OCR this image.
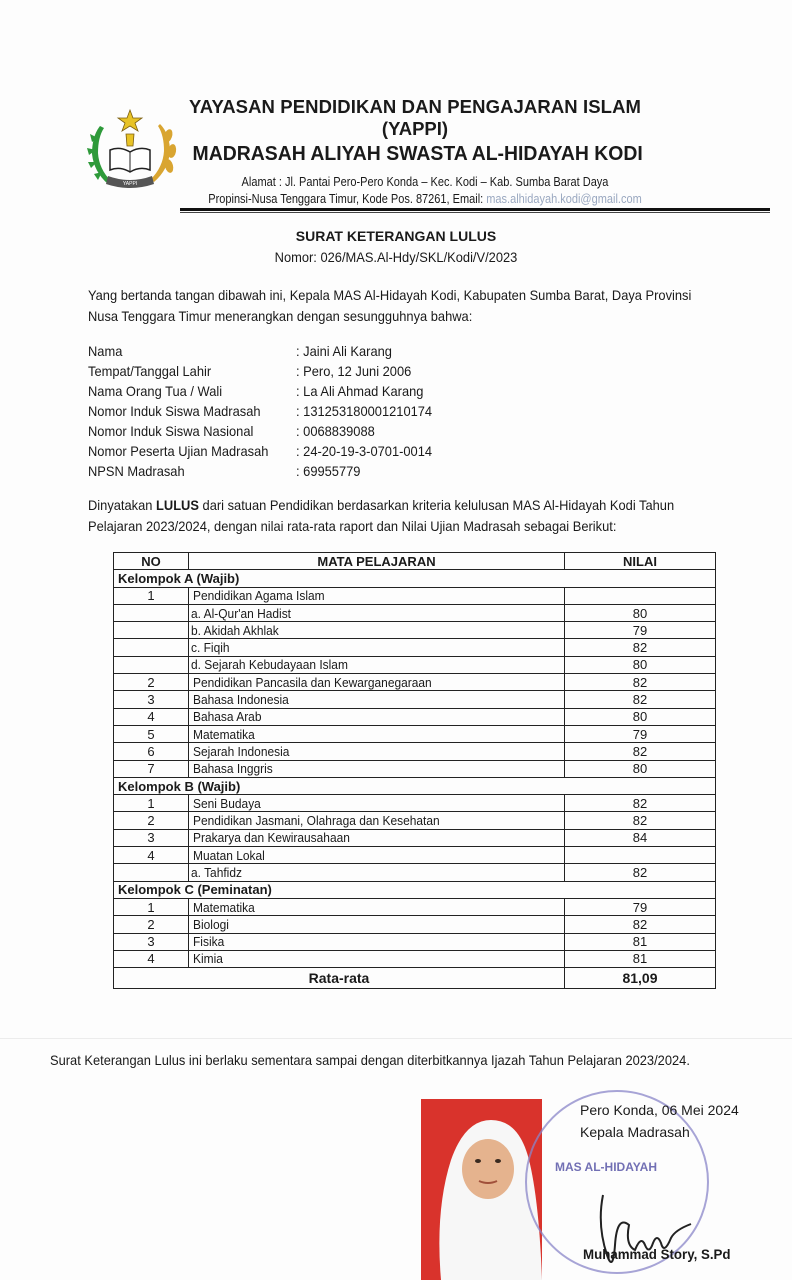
YAPPI
YAYASAN PENDIDIKAN DAN PENGAJARAN ISLAM
(YAPPI)
MADRASAH ALIYAH SWASTA AL-HIDAYAH KODI
Alamat : Jl. Pantai Pero-Pero Konda – Kec. Kodi – Kab. Sumba Barat Daya
Propinsi-Nusa Tenggara Timur, Kode Pos. 87261, Email: mas.alhidayah.kodi@gmail.com
SURAT KETERANGAN LULUS
Nomor: 026/MAS.Al-Hdy/SKL/Kodi/V/2023
Yang bertanda tangan dibawah ini, Kepala MAS Al-Hidayah Kodi, Kabupaten Sumba Barat, Daya Provinsi Nusa Tenggara Timur menerangkan dengan sesungguhnya bahwa:
Nama	: Jaini Ali Karang
Tempat/Tanggal Lahir	: Pero, 12 Juni 2006
Nama Orang Tua / Wali	: La Ali Ahmad Karang
Nomor Induk Siswa Madrasah	: 131253180001210174
Nomor Induk Siswa Nasional	: 0068839088
Nomor Peserta Ujian Madrasah	: 24-20-19-3-0701-0014
NPSN Madrasah	: 69955779
Dinyatakan LULUS dari satuan Pendidikan berdasarkan kriteria kelulusan MAS Al-Hidayah Kodi Tahun Pelajaran 2023/2024, dengan nilai rata-rata raport dan Nilai Ujian Madrasah sebagai Berikut:
NO	MATA PELAJARAN	NILAI
Kelompok A (Wajib)		
1	Pendidikan Agama Islam	
	a. Al-Qur'an Hadist	80
	b. Akidah Akhlak	79
	c. Fiqih	82
	d. Sejarah Kebudayaan Islam	80
2	Pendidikan Pancasila dan Kewarganegaraan	82
3	Bahasa Indonesia	82
4	Bahasa Arab	80
5	Matematika	79
6	Sejarah Indonesia	82
7	Bahasa Inggris	80
Kelompok B (Wajib)		
1	Seni Budaya	82
2	Pendidikan Jasmani, Olahraga dan Kesehatan	82
3	Prakarya dan Kewirausahaan	84
4	Muatan Lokal	
	a. Tahfidz	82
Kelompok C (Peminatan)		
1	Matematika	79
2	Biologi	82
3	Fisika	81
4	Kimia	81
Rata-rata		81,09
Surat Keterangan Lulus ini berlaku sementara sampai dengan diterbitkannya Ijazah Tahun Pelajaran 2023/2024.
MAS AL-HIDAYAH
Pero Konda, 06 Mei 2024
Kepala Madrasah
Muhammad Story, S.Pd
